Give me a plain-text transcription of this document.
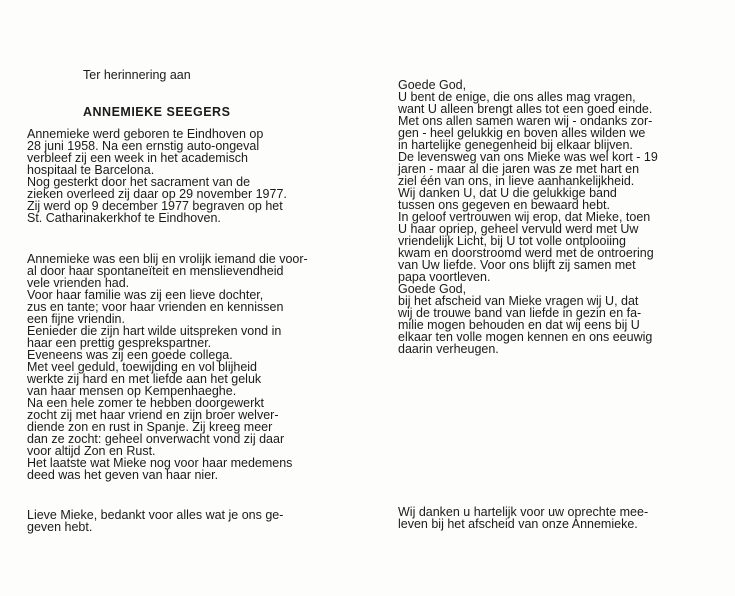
Ter herinnering aan

ANNEMIEKE SEEGERS

Annemieke werd geboren te Eindhoven op

28 juni 1958. Na een ernstig auto-ongeval

verbleef zij een week in het academisch

hospitaal te Barcelona.

Nog gesterkt door het sacrament van de

zieken overleed zij daar op 29 november 1977.

Zij werd op 9 december 1977 begraven op het

St. Catharinakerkhof te Eindhoven.

Annemieke was een blij en vrolijk iemand die voor-

al door haar spontaneïteit en menslievendheid

vele vrienden had.

Voor haar familie was zij een lieve dochter,

zus en tante; voor haar vrienden en kennissen

een fijne vriendin.

Eenieder die zijn hart wilde uitspreken vond in

haar een prettig gesprekspartner.

Eveneens was zij een goede collega.

Met veel geduld, toewijding en vol blijheid

werkte zij hard en met liefde aan het geluk

van haar mensen op Kempenhaeghe.

Na een hele zomer te hebben doorgewerkt

zocht zij met haar vriend en zijn broer welver-

diende zon en rust in Spanje. Zij kreeg meer

dan ze zocht: geheel onverwacht vond zij daar

voor altijd Zon en Rust.

Het laatste wat Mieke nog voor haar medemens

deed was het geven van haar nier.

Lieve Mieke, bedankt voor alles wat je ons ge-

geven hebt.

Goede God,

U bent de enige, die ons alles mag vragen,

want U alleen brengt alles tot een goed einde.

Met ons allen samen waren wij - ondanks zor-

gen - heel gelukkig en boven alles wilden we

in hartelijke genegenheid bij elkaar blijven.

De levensweg van ons Mieke was wel kort - 19

jaren - maar al die jaren was ze met hart en

ziel één van ons, in lieve aanhankelijkheid.

Wij danken U, dat U die gelukkige band

tussen ons gegeven en bewaard hebt.

In geloof vertrouwen wij erop, dat Mieke, toen

U haar opriep, geheel vervuld werd met Uw

vriendelijk Licht, bij U tot volle ontplooiing

kwam en doorstroomd werd met de ontroering

van Uw liefde. Voor ons blijft zij samen met

papa voortleven.

Goede God,

bij het afscheid van Mieke vragen wij U, dat

wij de trouwe band van liefde in gezin en fa-

milie mogen behouden en dat wij eens bij U

elkaar ten volle mogen kennen en ons eeuwig

daarin verheugen.

Wij danken u hartelijk voor uw oprechte mee-

leven bij het afscheid van onze Annemieke.
